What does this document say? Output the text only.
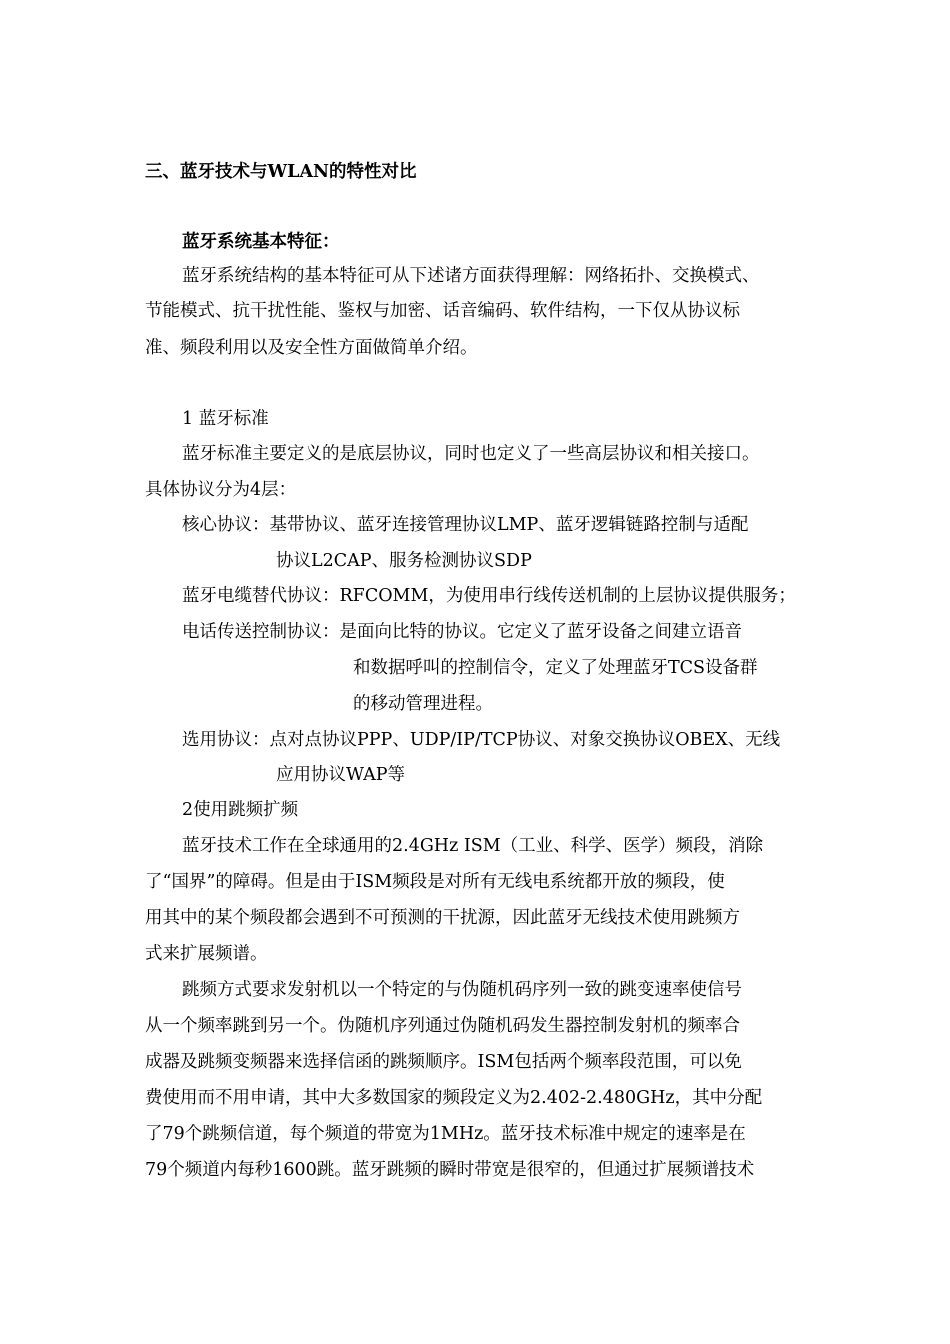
三、蓝牙技术与WLAN的特性对比
蓝牙系统基本特征：
蓝牙系统结构的基本特征可从下述诸方面获得理解：网络拓扑、交换模式、
节能模式、抗干扰性能、鉴权与加密、话音编码、软件结构，一下仅从协议标
准、频段利用以及安全性方面做简单介绍。
1 蓝牙标准
蓝牙标准主要定义的是底层协议，同时也定义了一些高层协议和相关接口。
具体协议分为4层：
核心协议：基带协议、蓝牙连接管理协议LMP、蓝牙逻辑链路控制与适配
协议L2CAP、服务检测协议SDP
蓝牙电缆替代协议：RFCOMM，为使用串行线传送机制的上层协议提供服务；
电话传送控制协议：是面向比特的协议。它定义了蓝牙设备之间建立语音
和数据呼叫的控制信令，定义了处理蓝牙TCS设备群
的移动管理进程。
选用协议：点对点协议PPP、UDP/IP/TCP协议、对象交换协议OBEX、无线
应用协议WAP等
2使用跳频扩频
蓝牙技术工作在全球通用的2.4GHz ISM（工业、科学、医学）频段，消除
了“国界”的障碍。但是由于ISM频段是对所有无线电系统都开放的频段，使
用其中的某个频段都会遇到不可预测的干扰源，因此蓝牙无线技术使用跳频方
式来扩展频谱。
跳频方式要求发射机以一个特定的与伪随机码序列一致的跳变速率使信号
从一个频率跳到另一个。伪随机序列通过伪随机码发生器控制发射机的频率合
成器及跳频变频器来选择信函的跳频顺序。ISM包括两个频率段范围，可以免
费使用而不用申请，其中大多数国家的频段定义为2.402-2.480GHz，其中分配
了79个跳频信道，每个频道的带宽为1MHz。蓝牙技术标准中规定的速率是在
79个频道内每秒1600跳。蓝牙跳频的瞬时带宽是很窄的，但通过扩展频谱技术
